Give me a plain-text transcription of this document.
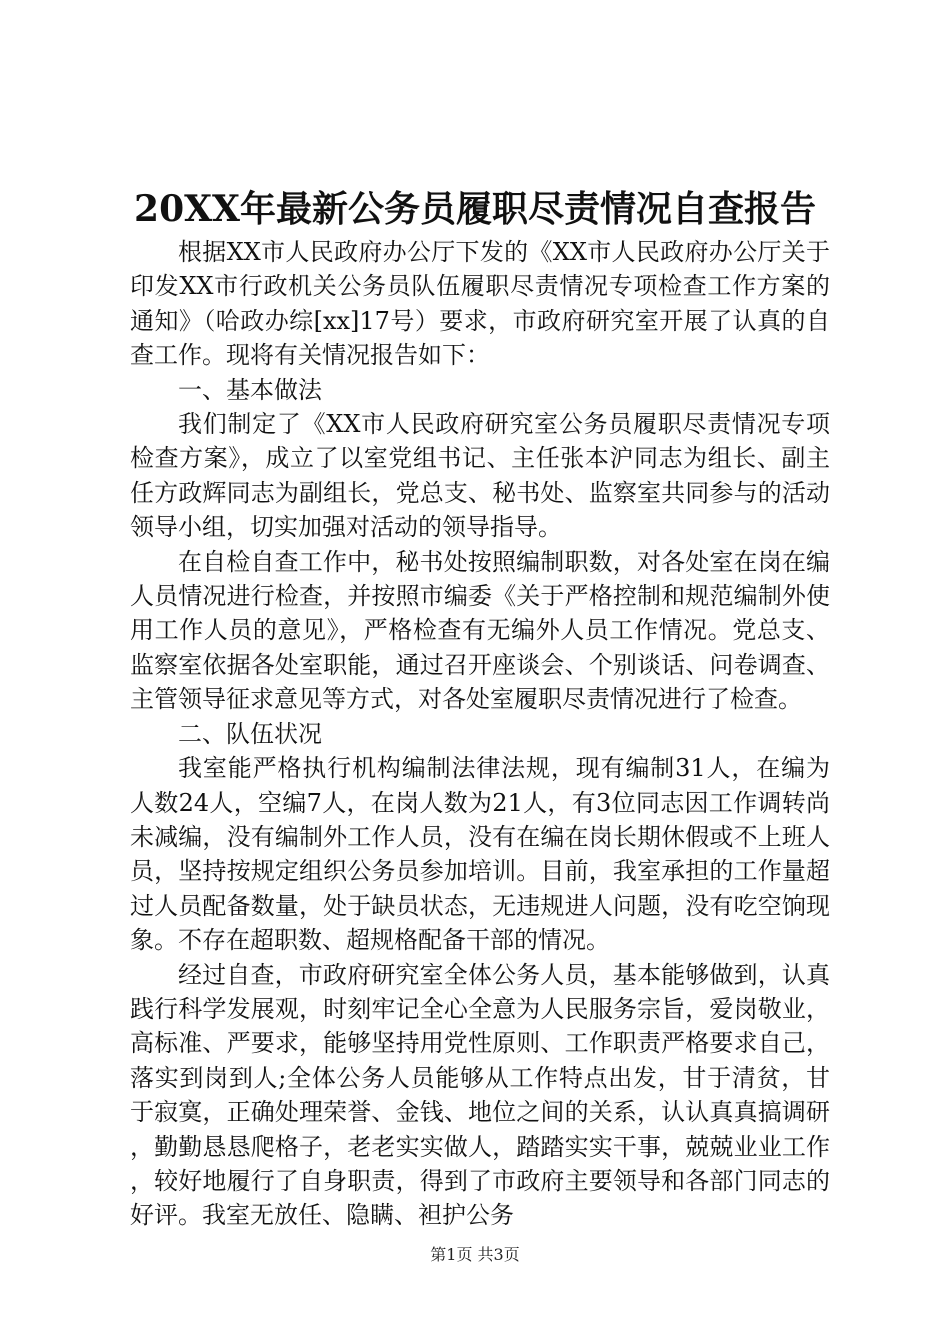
20XX年最新公务员履职尽责情况自查报告

根据XX市人民政府办公厅下发的《XX市人民政府办公厅关于印发XX市行政机关公务员队伍履职尽责情况专项检查工作方案的通知》（哈政办综[xx]17号）要求，市政府研究室开展了认真的自查工作。现将有关情况报告如下：

一、基本做法

我们制定了《XX市人民政府研究室公务员履职尽责情况专项检查方案》，成立了以室党组书记、主任张本沪同志为组长、副主任方政辉同志为副组长，党总支、秘书处、监察室共同参与的活动领导小组，切实加强对活动的领导指导。

在自检自查工作中，秘书处按照编制职数，对各处室在岗在编人员情况进行检查，并按照市编委《关于严格控制和规范编制外使用工作人员的意见》，严格检查有无编外人员工作情况。党总支、监察室依据各处室职能，通过召开座谈会、个别谈话、问卷调查、主管领导征求意见等方式，对各处室履职尽责情况进行了检查。

二、队伍状况

我室能严格执行机构编制法律法规，现有编制31人，在编为人数24人，空编7人，在岗人数为21人，有3位同志因工作调转尚未减编，没有编制外工作人员，没有在编在岗长期休假或不上班人员，坚持按规定组织公务员参加培训。目前，我室承担的工作量超过人员配备数量，处于缺员状态，无违规进人问题，没有吃空饷现象。不存在超职数、超规格配备干部的情况。

经过自查，市政府研究室全体公务人员，基本能够做到，认真践行科学发展观，时刻牢记全心全意为人民服务宗旨，爱岗敬业，高标准、严要求，能够坚持用党性原则、工作职责严格要求自己，落实到岗到人;全体公务人员能够从工作特点出发，甘于清贫，甘于寂寞，正确处理荣誉、金钱、地位之间的关系，认认真真搞调研，勤勤恳恳爬格子，老老实实做人，踏踏实实干事，兢兢业业工作，较好地履行了自身职责，得到了市政府主要领导和各部门同志的好评。我室无放任、隐瞒、袒护公务

第1页 共3页
